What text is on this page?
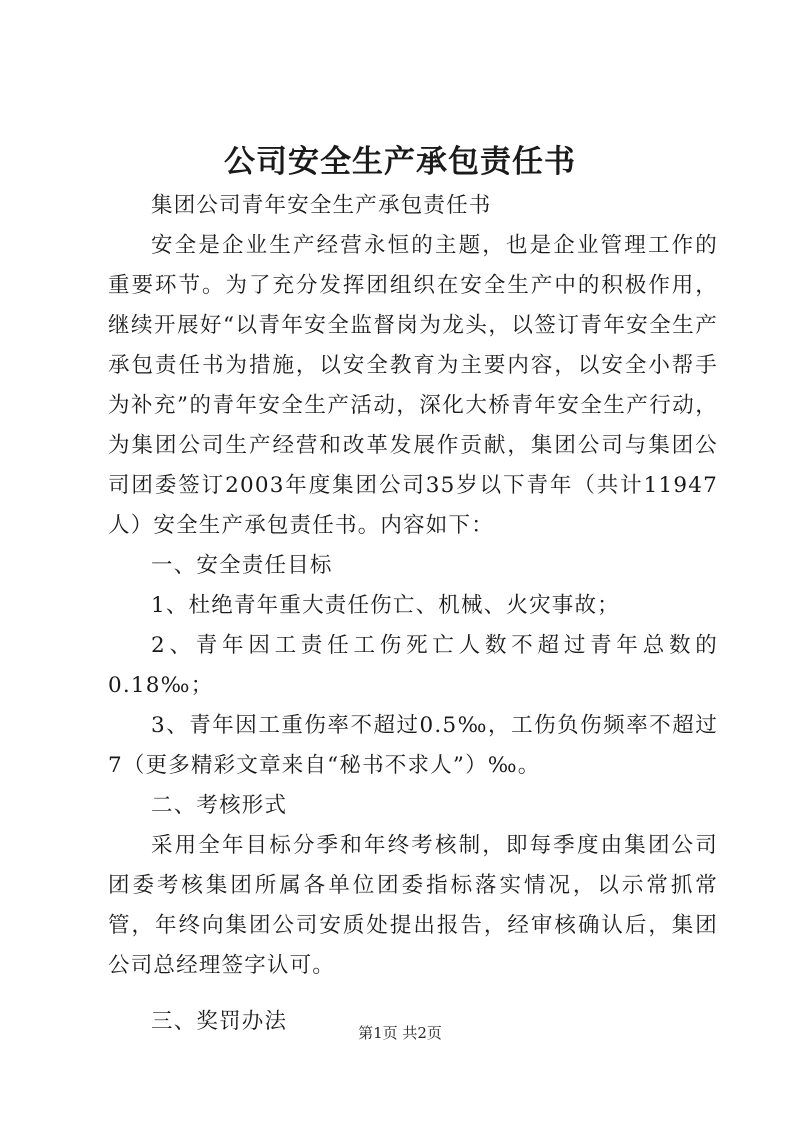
公司安全生产承包责任书

集团公司青年安全生产承包责任书

安全是企业生产经营永恒的主题，也是企业管理工作的重要环节。为了充分发挥团组织在安全生产中的积极作用，继续开展好“以青年安全监督岗为龙头，以签订青年安全生产承包责任书为措施，以安全教育为主要内容，以安全小帮手为补充”的青年安全生产活动，深化大桥青年安全生产行动，为集团公司生产经营和改革发展作贡献，集团公司与集团公司团委签订2003年度集团公司35岁以下青年（共计11947人）安全生产承包责任书。内容如下：

一、安全责任目标

1、杜绝青年重大责任伤亡、机械、火灾事故；

2、青年因工责任工伤死亡人数不超过青年总数的0.18‰；

3、青年因工重伤率不超过0.5‰，工伤负伤频率不超过7（更多精彩文章来自“秘书不求人”）‰。

二、考核形式

采用全年目标分季和年终考核制，即每季度由集团公司团委考核集团所属各单位团委指标落实情况，以示常抓常管，年终向集团公司安质处提出报告，经审核确认后，集团公司总经理签字认可。

三、奖罚办法	第1页 共2页
